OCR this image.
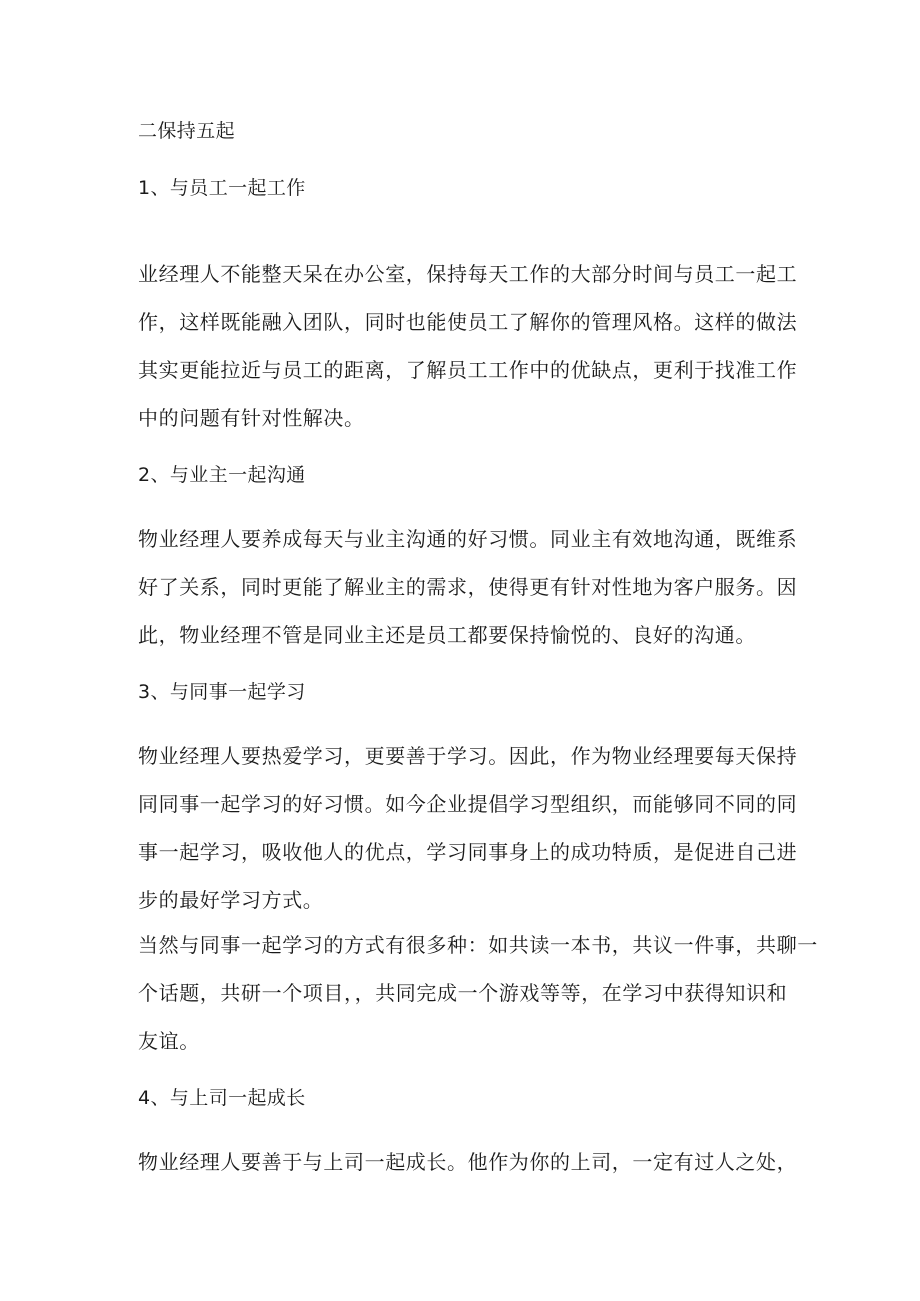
二保持五起
1、与员工一起工作
业经理人不能整天呆在办公室，保持每天工作的大部分时间与员工一起工
作，这样既能融入团队，同时也能使员工了解你的管理风格。这样的做法
其实更能拉近与员工的距离，了解员工工作中的优缺点，更利于找准工作
中的问题有针对性解决。
2、与业主一起沟通
物业经理人要养成每天与业主沟通的好习惯。同业主有效地沟通，既维系
好了关系，同时更能了解业主的需求，使得更有针对性地为客户服务。因
此，物业经理不管是同业主还是员工都要保持愉悦的、良好的沟通。
3、与同事一起学习
物业经理人要热爱学习，更要善于学习。因此，作为物业经理要每天保持
同同事一起学习的好习惯。如今企业提倡学习型组织，而能够同不同的同
事一起学习，吸收他人的优点，学习同事身上的成功特质，是促进自己进
步的最好学习方式。
当然与同事一起学习的方式有很多种：如共读一本书，共议一件事，共聊一
个话题，共研一个项目，，共同完成一个游戏等等，在学习中获得知识和
友谊。
4、与上司一起成长
物业经理人要善于与上司一起成长。他作为你的上司，一定有过人之处，
